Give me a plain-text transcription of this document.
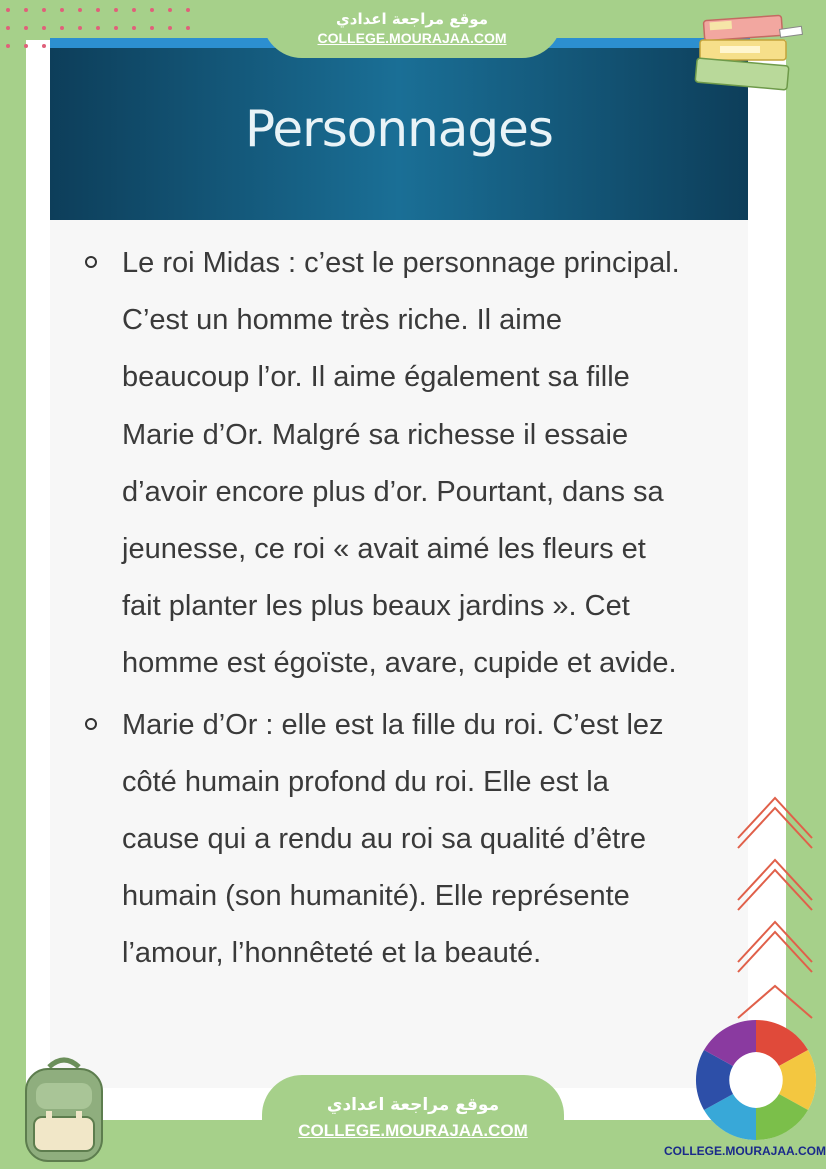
Personnages
Le roi Midas : c’est le personnage principal. C’est un homme très riche. Il aime beaucoup l’or. Il aime également sa fille Marie d’Or. Malgré sa richesse il essaie d’avoir encore plus d’or. Pourtant, dans sa jeunesse, ce roi « avait aimé les fleurs et fait planter les plus beaux jardins ». Cet homme est égoïste, avare, cupide et avide.
Marie d’Or : elle est la fille du roi. C’est lez côté humain profond du roi. Elle est la cause qui a rendu au roi sa qualité d’être humain (son humanité). Elle représente l’amour, l’honnêteté et la beauté.
موقع مراجعة اعدادي
COLLEGE.MOURAJAA.COM
موقع مراجعة اعدادي
COLLEGE.MOURAJAA.COM
COLLEGE.MOURAJAA.COM
